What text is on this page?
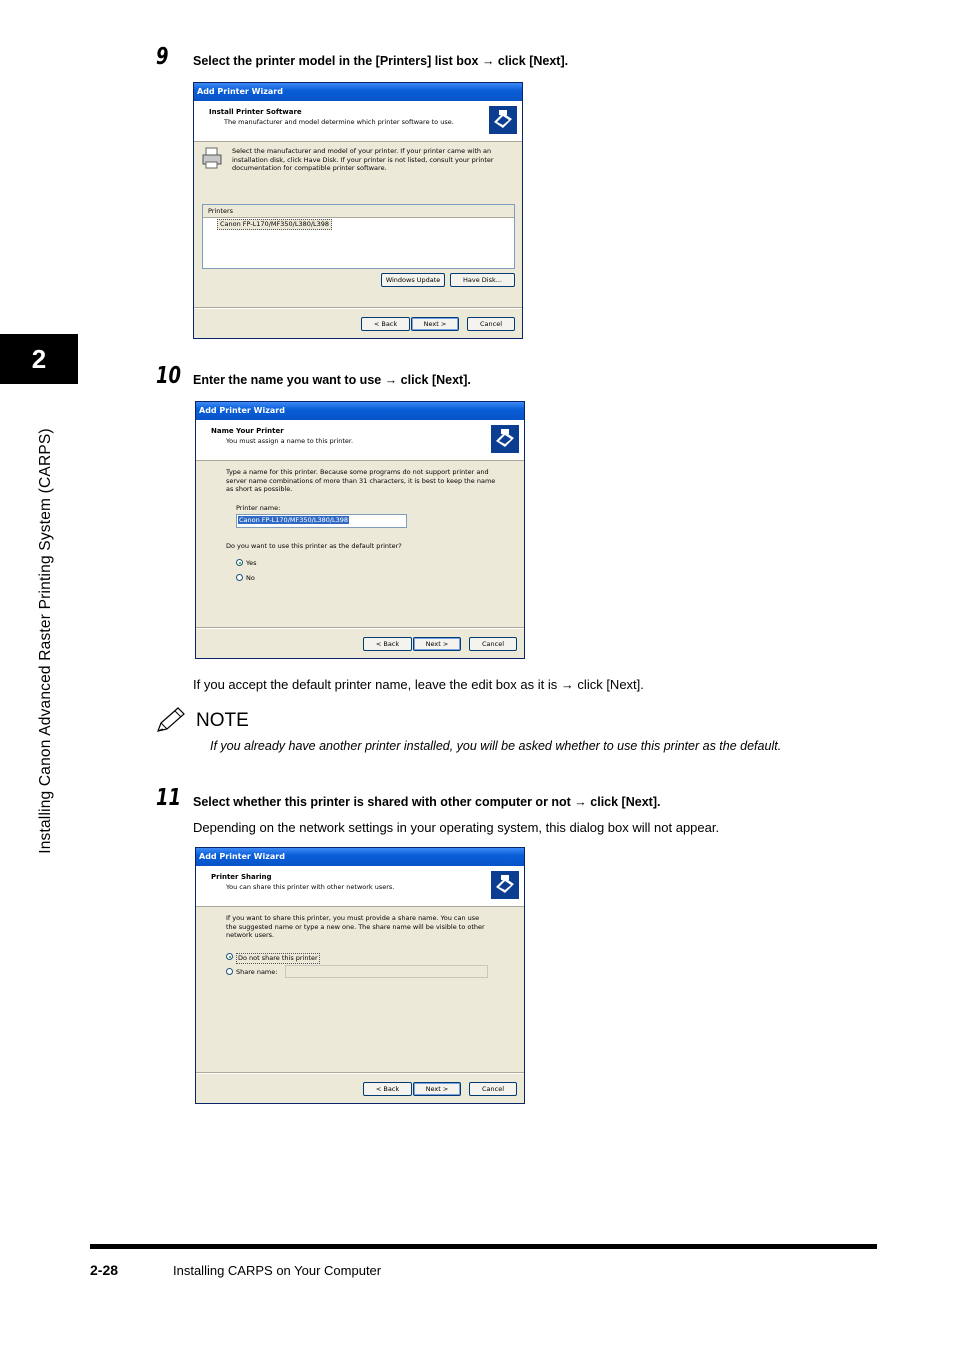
2
Installing Canon Advanced Raster Printing System (CARPS)
9 Select the printer model in the [Printers] list box → click [Next].
Add Printer Wizard
Install Printer Software
The manufacturer and model determine which printer software to use.
Select the manufacturer and model of your printer. If your printer came with an installation disk, click Have Disk. If your printer is not listed, consult your printer documentation for compatible printer software.
Printers
Canon FP-L170/MF350/L380/L398
Windows Update	Have Disk...
< Back	Next >	Cancel
10 Enter the name you want to use → click [Next].
Add Printer Wizard
Name Your Printer
You must assign a name to this printer.
Type a name for this printer. Because some programs do not support printer and server name combinations of more than 31 characters, it is best to keep the name as short as possible.
Printer name:
Canon FP-L170/MF350/L380/L398
Do you want to use this printer as the default printer?
Yes
No
< Back	Next >	Cancel
If you accept the default printer name, leave the edit box as it is → click [Next].
NOTE
If you already have another printer installed, you will be asked whether to use this printer as the default.
11 Select whether this printer is shared with other computer or not → click [Next].
Depending on the network settings in your operating system, this dialog box will not appear.
Add Printer Wizard
Printer Sharing
You can share this printer with other network users.
If you want to share this printer, you must provide a share name. You can use the suggested name or type a new one. The share name will be visible to other network users.
Do not share this printer
Share name:
< Back	Next >	Cancel
2-28	Installing CARPS on Your Computer
